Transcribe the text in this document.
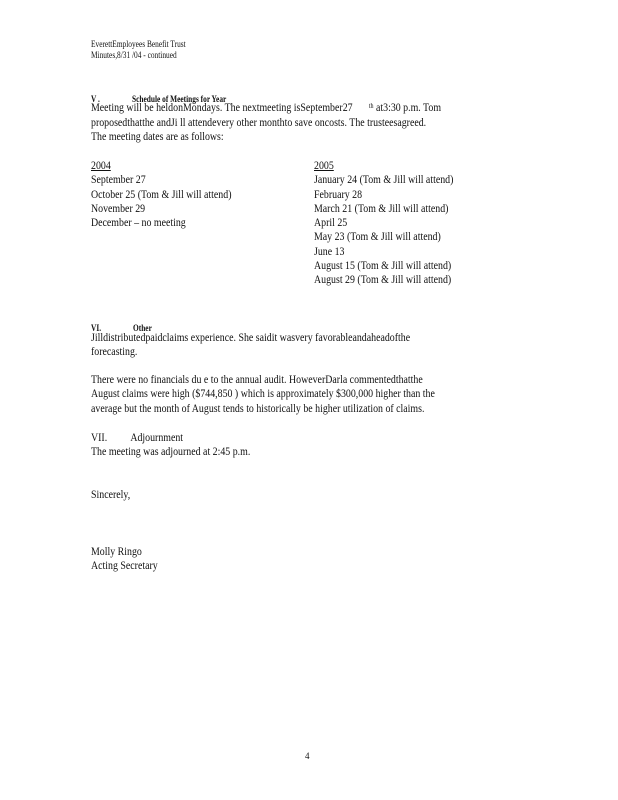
EverettEmployees Benefit Trust
Minutes,8/31 /04 - continued
V .	Schedule of Meetings for Year
Meeting will be heldonMondays. The nextmeeting isSeptember27 $^{th}$ at3:30 p.m. Tom
proposedthatthe andJi ll attendevery other monthto save oncosts. The trusteesagreed.
The meeting dates are as follows:
2004
September 27
October 25 (Tom & Jill will attend)
November 29
December – no meeting
2005
January 24 (Tom & Jill will attend)
February 28
March 21 (Tom & Jill will attend)
April 25
May 23 (Tom & Jill will attend)
June 13
August 15 (Tom & Jill will attend)
August 29 (Tom & Jill will attend)
VI.	Other
Jilldistributedpaidclaims experience. She saidit wasvery favorableandaheadofthe
forecasting.
There were no financials du e to the annual audit. HoweverDarla commentedthatthe
August claims were high ($744,850 ) which is approximately $300,000 higher than the
average but the month of August tends to historically be higher utilization of claims.
VII. Adjournment
The meeting was adjourned at 2:45 p.m.
Sincerely,
Molly Ringo
Acting Secretary
4
